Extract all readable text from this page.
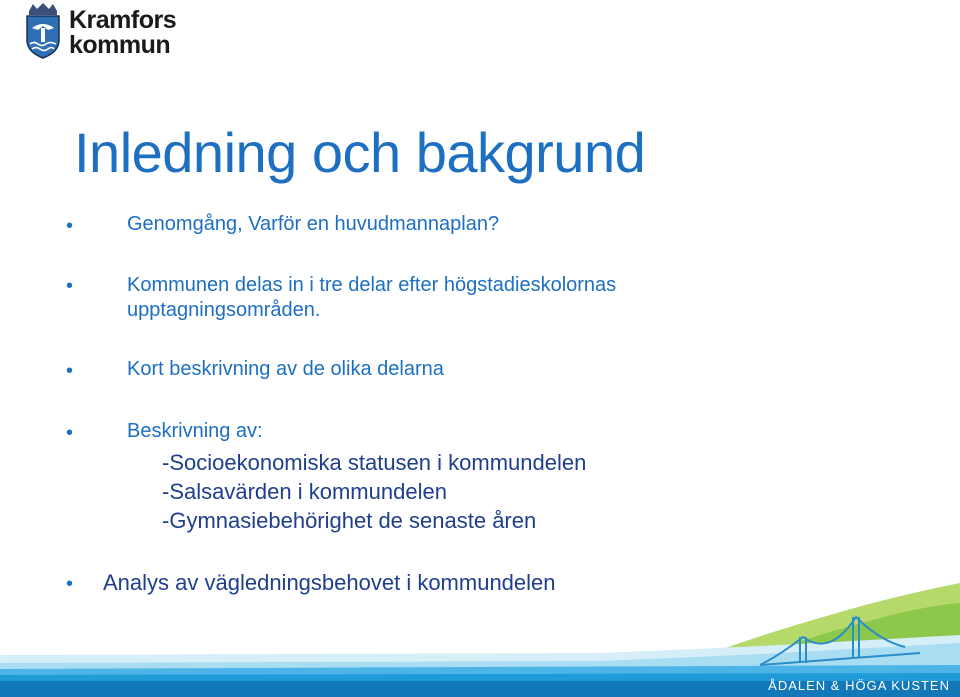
Kramfors
kommun
Inledning och bakgrund
•	Genomgång, Varför en huvudmannaplan?
•	Kommunen delas in i tre delar efter högstadieskolornas
upptagningsområden.
•	Kort beskrivning av de olika delarna
•	Beskrivning av:
-Socioekonomiska statusen i kommundelen
-Salsavärden i kommundelen
-Gymnasiebehörighet de senaste åren
• Analys av vägledningsbehovet i kommundelen
ÅDALEN & HÖGA KUSTEN
